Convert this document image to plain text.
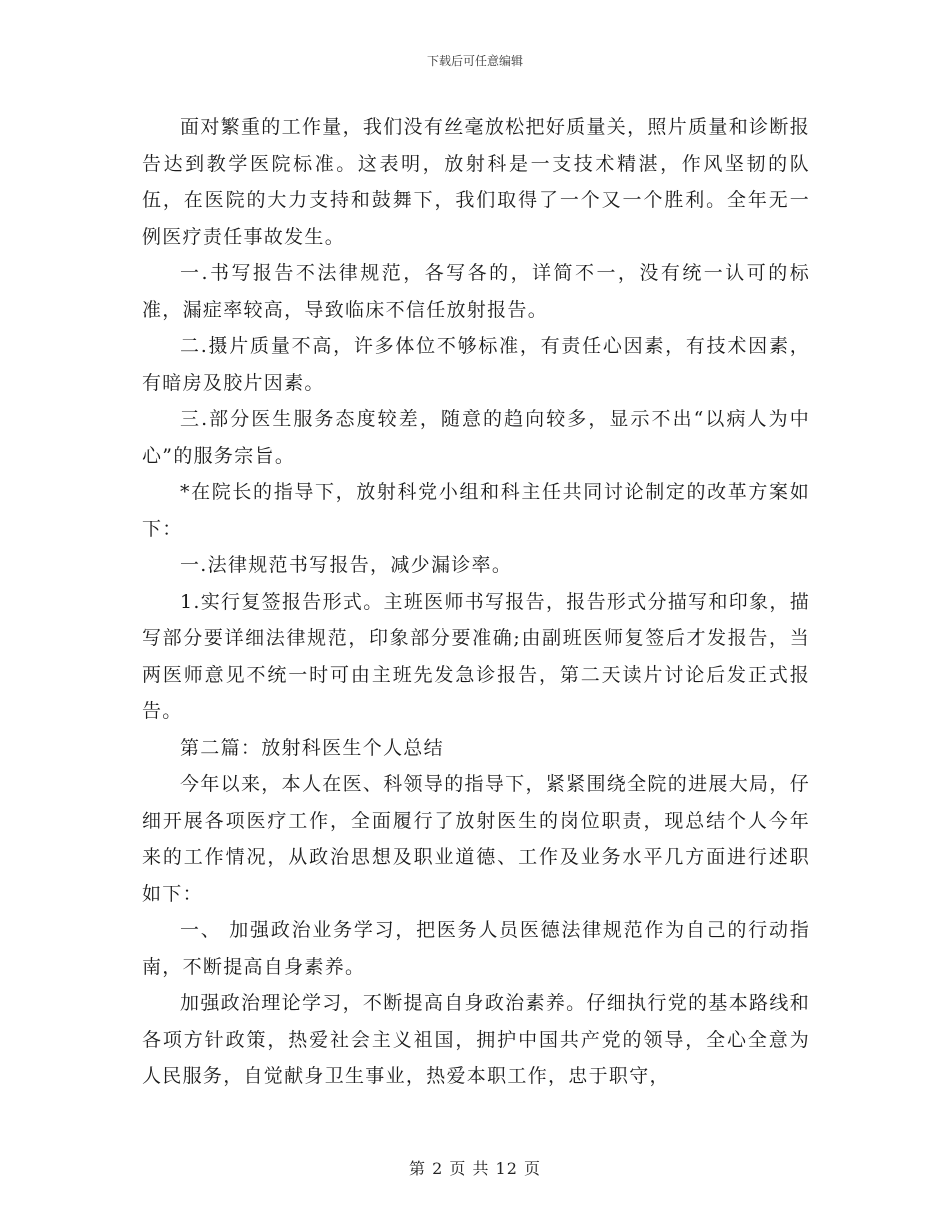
下载后可任意编辑

面对繁重的工作量，我们没有丝毫放松把好质量关，照片质量和诊断报告达到教学医院标准。这表明，放射科是一支技术精湛，作风坚韧的队伍，在医院的大力支持和鼓舞下，我们取得了一个又一个胜利。全年无一例医疗责任事故发生。

一.书写报告不法律规范，各写各的，详简不一，没有统一认可的标准，漏症率较高，导致临床不信任放射报告。

二.摄片质量不高，许多体位不够标准，有责任心因素，有技术因素，有暗房及胶片因素。

三.部分医生服务态度较差，随意的趋向较多，显示不出“以病人为中心”的服务宗旨。

*在院长的指导下，放射科党小组和科主任共同讨论制定的改革方案如下：

一.法律规范书写报告，减少漏诊率。

1.实行复签报告形式。主班医师书写报告，报告形式分描写和印象，描写部分要详细法律规范，印象部分要准确;由副班医师复签后才发报告，当两医师意见不统一时可由主班先发急诊报告，第二天读片讨论后发正式报告。

第二篇：放射科医生个人总结

今年以来，本人在医、科领导的指导下，紧紧围绕全院的进展大局，仔细开展各项医疗工作，全面履行了放射医生的岗位职责，现总结个人今年来的工作情况，从政治思想及职业道德、工作及业务水平几方面进行述职如下：

一、 加强政治业务学习，把医务人员医德法律规范作为自己的行动指南，不断提高自身素养。

加强政治理论学习，不断提高自身政治素养。仔细执行党的基本路线和各项方针政策，热爱社会主义祖国，拥护中国共产党的领导，全心全意为人民服务，自觉献身卫生事业，热爱本职工作，忠于职守，

第 2 页 共 12 页
